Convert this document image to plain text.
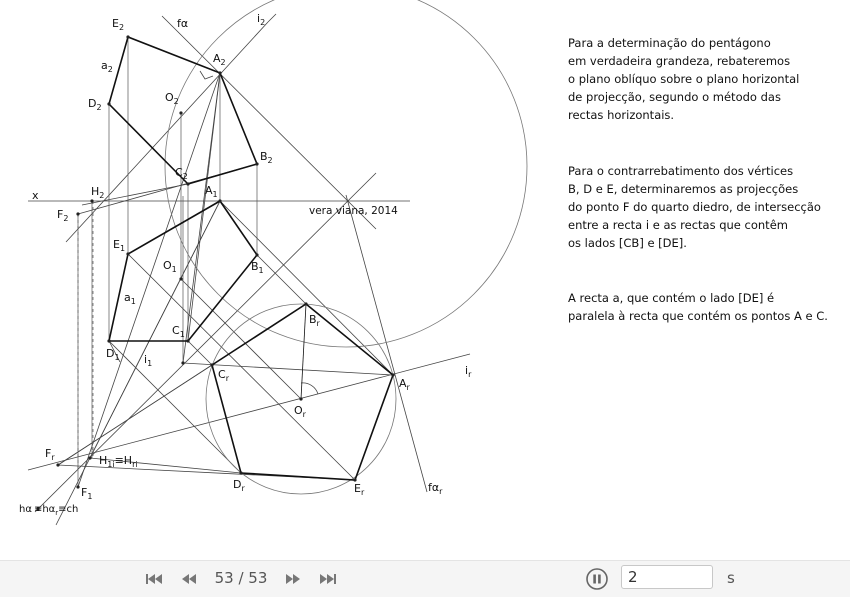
x
fα	$i_2$
$E_2$
$a_2$
$A_2$
$O_2$
$D_2$
$B_2$
$C_2$
$H_2$
$F_2$
$A_1$
$E_1$
$O_1$	$B_1$
$a_1$
$C_1$
$D_1$ $i_1$
$B_r$
$C_r$
$O_r$
$A_r$
$i_r$
$D_r$	$E_r$	$f\alpha_r$
$F_r$	$H_{1i}\equiv H_{ri}$
$F_1$
$h\alpha \equiv h\alpha_r\equiv ch$
vera viana, 2014

Para a determinação do pentágono

em verdadeira grandeza, rebateremos

o plano oblíquo sobre o plano horizontal

de projecção, segundo o método das

rectas horizontais.

Para o contrarrebatimento dos vértices

B, D e E, determinaremos as projecções

do ponto F do quarto diedro, de intersecção

entre a recta i e as rectas que contêm

os lados [CB] e [DE].

A recta a, que contém o lado [DE] é

paralela à recta que contém os pontos A e C.

53 / 53
2	s
